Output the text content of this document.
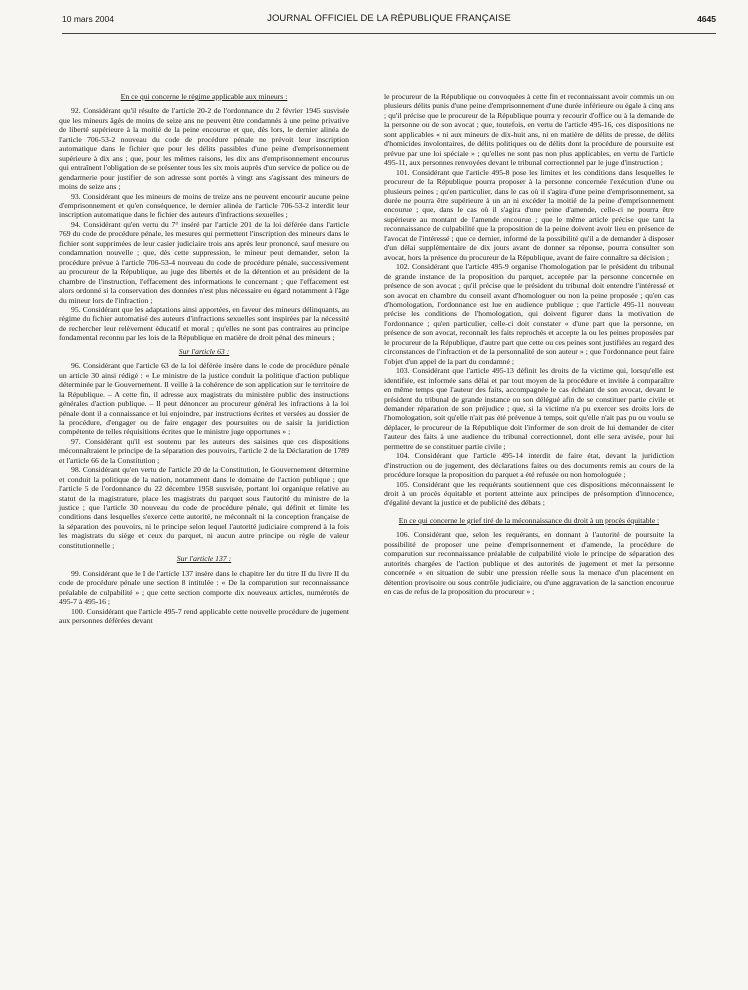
10 mars 2004	JOURNAL OFFICIEL DE LA RÉPUBLIQUE FRANÇAISE	4645

En ce qui concerne le régime applicable aux mineurs :

92. Considérant qu'il résulte de l'article 20-2 de l'ordonnance du 2 février 1945 susvisée que les mineurs âgés de moins de seize ans ne peuvent être condamnés à une peine privative de liberté supérieure à la moitié de la peine encourue et que, dès lors, le dernier alinéa de l'article 706-53-2 nouveau du code de procédure pénale ne prévoit leur inscription automatique dans le fichier que pour les délits passibles d'une peine d'emprisonnement supérieure à dix ans ; que, pour les mêmes raisons, les dix ans d'emprisonnement encourus qui entraînent l'obligation de se présenter tous les six mois auprès d'un service de police ou de gendarmerie pour justifier de son adresse sont portés à vingt ans s'agissant des mineurs de moins de seize ans ;

93. Considérant que les mineurs de moins de treize ans ne peuvent encourir aucune peine d'emprisonnement et qu'en conséquence, le dernier alinéa de l'article 706-53-2 interdit leur inscription automatique dans le fichier des auteurs d'infractions sexuelles ;

94. Considérant qu'en vertu du 7° inséré par l'article 201 de la loi déférée dans l'article 769 du code de procédure pénale, les mesures qui permettent l'inscription des mineurs dans le fichier sont supprimées de leur casier judiciaire trois ans après leur prononcé, sauf mesure ou condamnation nouvelle ; que, dès cette suppression, le mineur peut demander, selon la procédure prévue à l'article 706-53-4 nouveau du code de procédure pénale, successivement au procureur de la République, au juge des libertés et de la détention et au président de la chambre de l'instruction, l'effacement des informations le concernant ; que l'effacement est alors ordonné si la conservation des données n'est plus nécessaire eu égard notamment à l'âge du mineur lors de l'infraction ;

95. Considérant que les adaptations ainsi apportées, en faveur des mineurs délinquants, au régime du fichier automatisé des auteurs d'infractions sexuelles sont inspirées par la nécessité de rechercher leur relèvement éducatif et moral ; qu'elles ne sont pas contraires au principe fondamental reconnu par les lois de la République en matière de droit pénal des mineurs ;

Sur l'article 63 :

96. Considérant que l'article 63 de la loi déférée insère dans le code de procédure pénale un article 30 ainsi rédigé : « Le ministre de la justice conduit la politique d'action publique déterminée par le Gouvernement. Il veille à la cohérence de son application sur le territoire de la République. – A cette fin, il adresse aux magistrats du ministère public des instructions générales d'action publique. – Il peut dénoncer au procureur général les infractions à la loi pénale dont il a connaissance et lui enjoindre, par instructions écrites et versées au dossier de la procédure, d'engager ou de faire engager des poursuites ou de saisir la juridiction compétente de telles réquisitions écrites que le ministre juge opportunes » ;

97. Considérant qu'il est soutenu par les auteurs des saisines que ces dispositions méconnaîtraient le principe de la séparation des pouvoirs, l'article 2 de la Déclaration de 1789 et l'article 66 de la Constitution ;

98. Considérant qu'en vertu de l'article 20 de la Constitution, le Gouvernement détermine et conduit la politique de la nation, notamment dans le domaine de l'action publique ; que l'article 5 de l'ordonnance du 22 décembre 1958 susvisée, portant loi organique relative au statut de la magistrature, place les magistrats du parquet sous l'autorité du ministre de la justice ; que l'article 30 nouveau du code de procédure pénale, qui définit et limite les conditions dans lesquelles s'exerce cette autorité, ne méconnaît ni la conception française de la séparation des pouvoirs, ni le principe selon lequel l'autorité judiciaire comprend à la fois les magistrats du siège et ceux du parquet, ni aucun autre principe ou règle de valeur constitutionnelle ;

Sur l'article 137 :

99. Considérant que le I de l'article 137 insère dans le chapitre Ier du titre II du livre II du code de procédure pénale une section 8 intitulée : « De la comparution sur reconnaissance préalable de culpabilité » ; que cette section comporte dix nouveaux articles, numérotés de 495-7 à 495-16 ;

100. Considérant que l'article 495-7 rend applicable cette nouvelle procédure de jugement aux personnes déférées devant

le procureur de la République ou convoquées à cette fin et reconnaissant avoir commis un ou plusieurs délits punis d'une peine d'emprisonnement d'une durée inférieure ou égale à cinq ans ; qu'il précise que le procureur de la République pourra y recourir d'office ou à la demande de la personne ou de son avocat ; que, toutefois, en vertu de l'article 495-16, ces dispositions ne sont applicables « ni aux mineurs de dix-huit ans, ni en matière de délits de presse, de délits d'homicides involontaires, de délits politiques ou de délits dont la procédure de poursuite est prévue par une loi spéciale » ; qu'elles ne sont pas non plus applicables, en vertu de l'article 495-11, aux personnes renvoyées devant le tribunal correctionnel par le juge d'instruction ;

101. Considérant que l'article 495-8 pose les limites et les conditions dans lesquelles le procureur de la République pourra proposer à la personne concernée l'exécution d'une ou plusieurs peines ; qu'en particulier, dans le cas où il s'agira d'une peine d'emprisonnement, sa durée ne pourra être supérieure à un an ni excéder la moitié de la peine d'emprisonnement encourue ; que, dans le cas où il s'agira d'une peine d'amende, celle-ci ne pourra être supérieure au montant de l'amende encourue ; que le même article précise que tant la reconnaissance de culpabilité que la proposition de la peine doivent avoir lieu en présence de l'avocat de l'intéressé ; que ce dernier, informé de la possibilité qu'il a de demander à disposer d'un délai supplémentaire de dix jours avant de donner sa réponse, pourra consulter son avocat, hors la présence du procureur de la République, avant de faire connaître sa décision ;

102. Considérant que l'article 495-9 organise l'homologation par le président du tribunal de grande instance de la proposition du parquet, acceptée par la personne concernée en présence de son avocat ; qu'il précise que le président du tribunal doit entendre l'intéressé et son avocat en chambre du conseil avant d'homologuer ou non la peine proposée ; qu'en cas d'homologation, l'ordonnance est lue en audience publique ; que l'article 495-11 nouveau précise les conditions de l'homologation, qui doivent figurer dans la motivation de l'ordonnance ; qu'en particulier, celle-ci doit constater « d'une part que la personne, en présence de son avocat, reconnaît les faits reprochés et accepte la ou les peines proposées par le procureur de la République, d'autre part que cette ou ces peines sont justifiées au regard des circonstances de l'infraction et de la personnalité de son auteur » ; que l'ordonnance peut faire l'objet d'un appel de la part du condamné ;

103. Considérant que l'article 495-13 définit les droits de la victime qui, lorsqu'elle est identifiée, est informée sans délai et par tout moyen de la procédure et invitée à comparaître en même temps que l'auteur des faits, accompagnée le cas échéant de son avocat, devant le président du tribunal de grande instance ou son délégué afin de se constituer partie civile et demander réparation de son préjudice ; que, si la victime n'a pu exercer ses droits lors de l'homologation, soit qu'elle n'ait pas été prévenue à temps, soit qu'elle n'ait pas pu ou voulu se déplacer, le procureur de la République doit l'informer de son droit de lui demander de citer l'auteur des faits à une audience du tribunal correctionnel, dont elle sera avisée, pour lui permettre de se constituer partie civile ;

104. Considérant que l'article 495-14 interdit de faire état, devant la juridiction d'instruction ou de jugement, des déclarations faites ou des documents remis au cours de la procédure lorsque la proposition du parquet a été refusée ou non homologuée ;

105. Considérant que les requérants soutiennent que ces dispositions méconnaissent le droit à un procès équitable et portent atteinte aux principes de présomption d'innocence, d'égalité devant la justice et de publicité des débats ;

En ce qui concerne le grief tiré de la méconnaissance du droit à un procès équitable :

106. Considérant que, selon les requérants, en donnant à l'autorité de poursuite la possibilité de proposer une peine d'emprisonnement et d'amende, la procédure de comparution sur reconnaissance préalable de culpabilité viole le principe de séparation des autorités chargées de l'action publique et des autorités de jugement et met la personne concernée « en situation de subir une pression réelle sous la menace d'un placement en détention provisoire ou sous contrôle judiciaire, ou d'une aggravation de la sanction encourue en cas de refus de la proposition du procureur » ;
